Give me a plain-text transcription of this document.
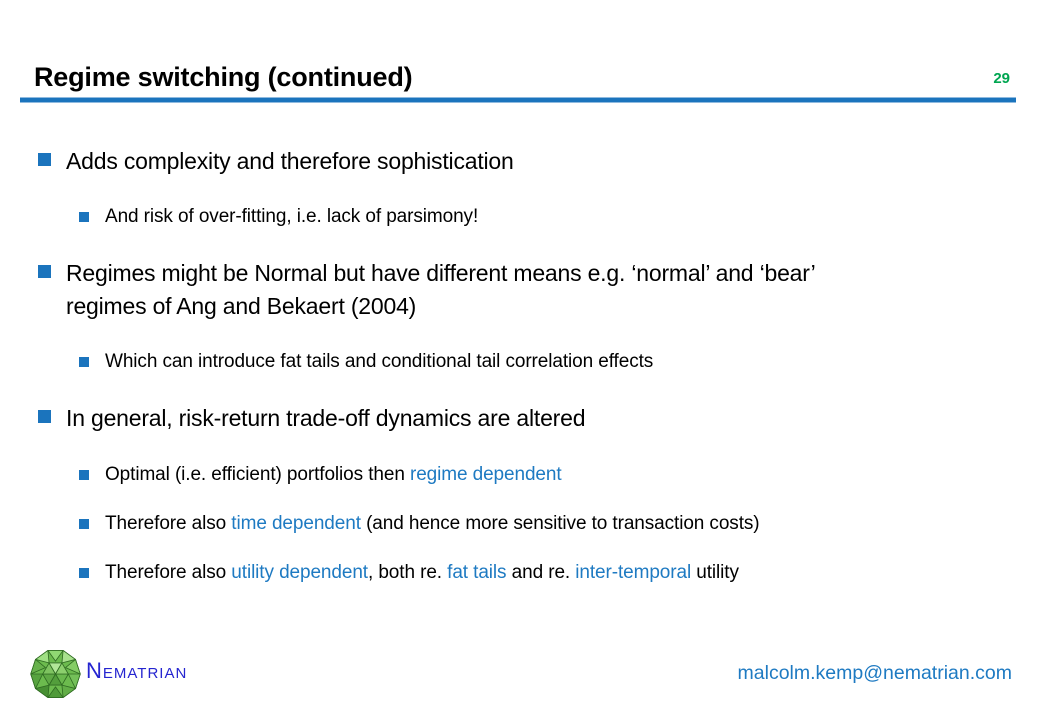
Regime switching (continued)	29
Adds complexity and therefore sophistication
And risk of over-fitting, i.e. lack of parsimony!
Regimes might be Normal but have different means e.g. ‘normal’ and ‘bear’
regimes of Ang and Bekaert (2004)
Which can introduce fat tails and conditional tail correlation effects
In general, risk-return trade-off dynamics are altered
Optimal (i.e. efficient) portfolios then regime dependent
Therefore also time dependent (and hence more sensitive to transaction costs)
Therefore also utility dependent, both re. fat tails and re. inter-temporal utility
Nematrian	malcolm.kemp@nematrian.com
